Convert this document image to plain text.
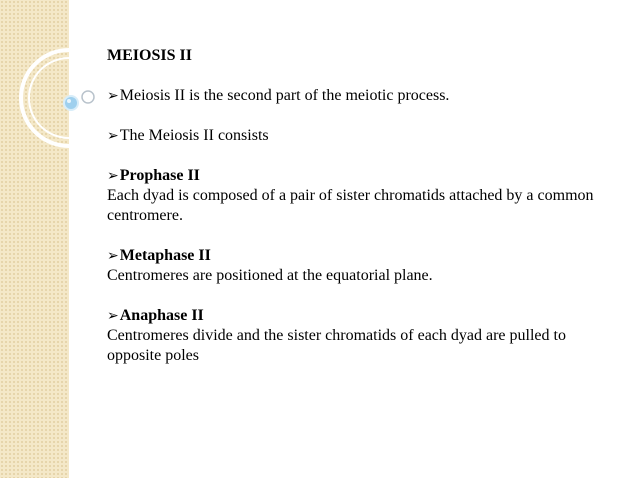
MEIOSIS II

➢Meiosis II is the second part of the meiotic process.

➢The Meiosis II consists

➢Prophase II
Each dyad is composed of a pair of sister chromatids attached by a common centromere.
➢Metaphase II
Centromeres are positioned at the equatorial plane.
➢Anaphase II
Centromeres divide and the sister chromatids of each dyad are pulled to opposite poles
